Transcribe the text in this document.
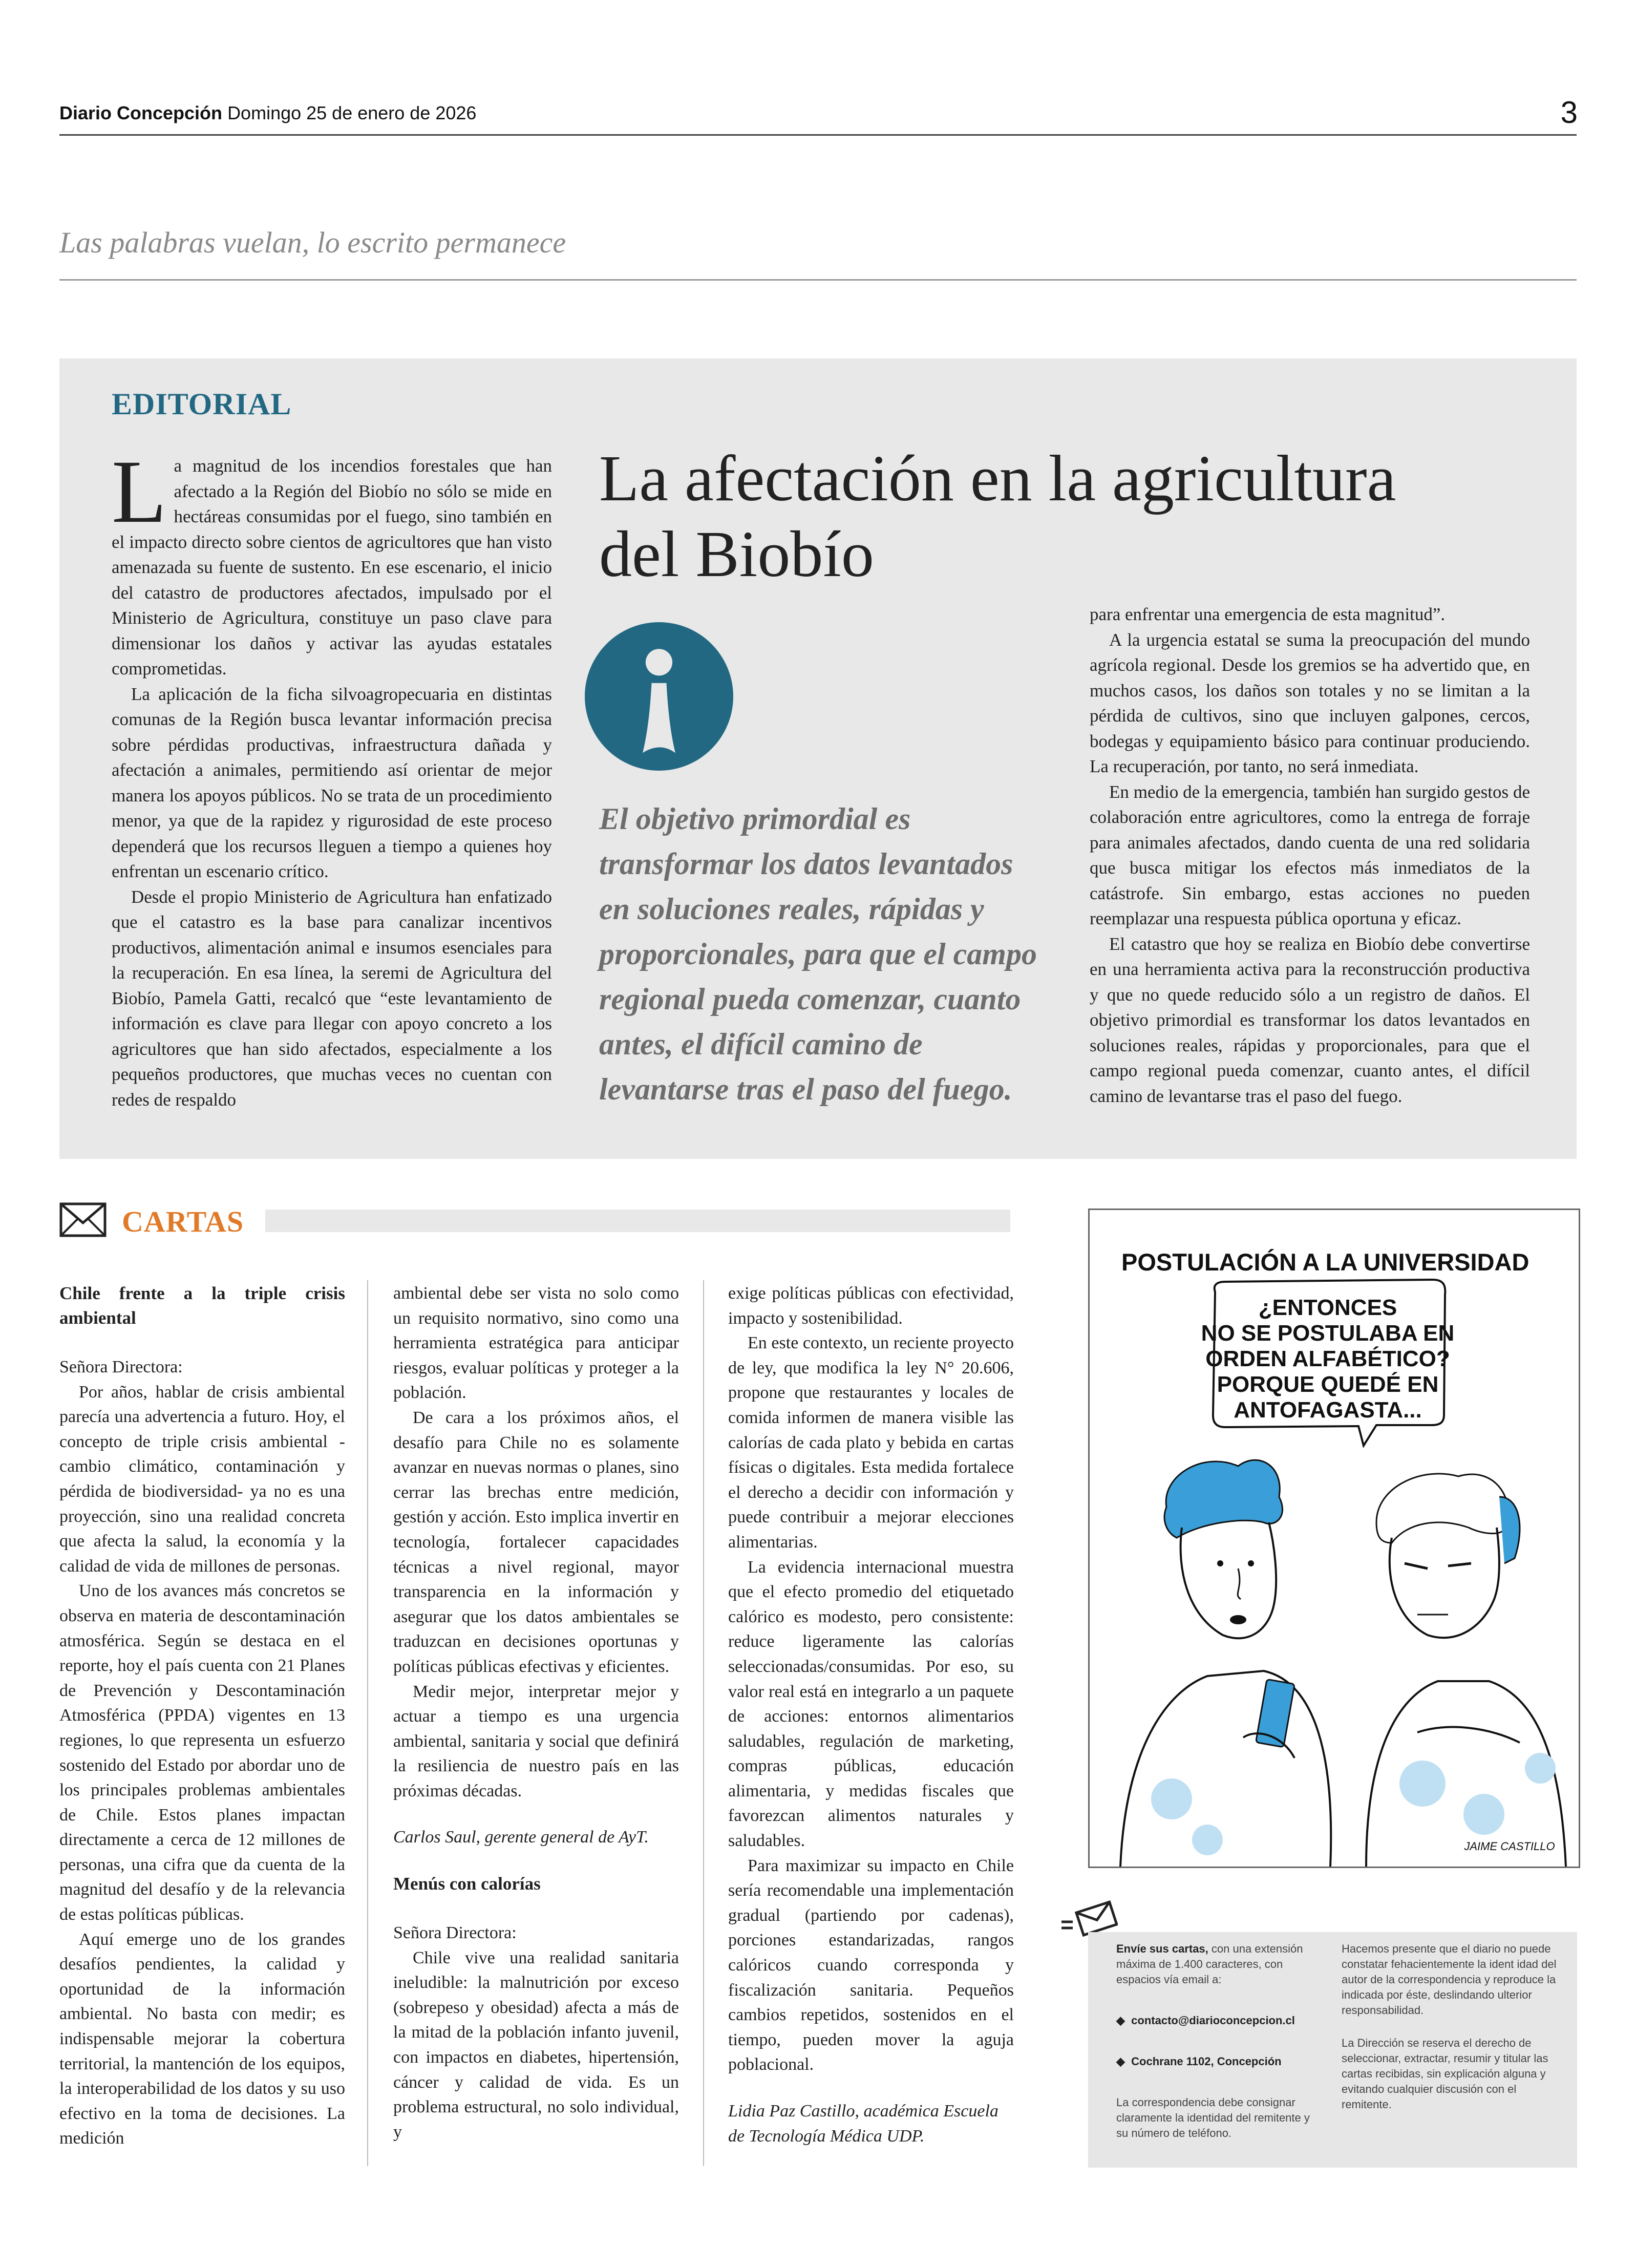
Diario Concepción Domingo 25 de enero de 2026	3
Las palabras vuelan, lo escrito permanece
EDITORIAL

La magnitud de los incendios forestales que han afectado a la Región del Biobío no sólo se mide en hectáreas consumidas por el fuego, sino también en el impacto directo sobre cientos de agricultores que han visto amenazada su fuente de sustento. En ese escenario, el inicio del catastro de productores afectados, impulsado por el Ministerio de Agricultura, constituye un paso clave para dimensionar los daños y activar las ayudas estatales comprometidas.

La aplicación de la ficha silvoagropecuaria en distintas comunas de la Región busca levantar información precisa sobre pérdidas productivas, infraestructura dañada y afectación a animales, permitiendo así orientar de mejor manera los apoyos públicos. No se trata de un procedimiento menor, ya que de la rapidez y rigurosidad de este proceso dependerá que los recursos lleguen a tiempo a quienes hoy enfrentan un escenario crítico.

Desde el propio Ministerio de Agricultura han enfatizado que el catastro es la base para canalizar incentivos productivos, alimentación animal e insumos esenciales para la recuperación. En esa línea, la seremi de Agricultura del Biobío, Pamela Gatti, recalcó que “este levantamiento de información es clave para llegar con apoyo concreto a los agricultores que han sido afectados, especialmente a los pequeños productores, que muchas veces no cuentan con redes de respaldo

La afectación en la agricultura
del Biobío
El objetivo primordial es transformar los datos levantados en soluciones reales, rápidas y proporcionales, para que el campo regional pueda comenzar, cuanto antes, el difícil camino de levantarse tras el paso del fuego.

para enfrentar una emergencia de esta magnitud”.

A la urgencia estatal se suma la preocupación del mundo agrícola regional. Desde los gremios se ha advertido que, en muchos casos, los daños son totales y no se limitan a la pérdida de cultivos, sino que incluyen galpones, cercos, bodegas y equipamiento básico para continuar produciendo. La recuperación, por tanto, no será inmediata.

En medio de la emergencia, también han surgido gestos de colaboración entre agricultores, como la entrega de forraje para animales afectados, dando cuenta de una red solidaria que busca mitigar los efectos más inmediatos de la catástrofe. Sin embargo, estas acciones no pueden reemplazar una respuesta pública oportuna y eficaz.

El catastro que hoy se realiza en Biobío debe convertirse en una herramienta activa para la reconstrucción productiva y que no quede reducido sólo a un registro de daños. El objetivo primordial es transformar los datos levantados en soluciones reales, rápidas y proporcionales, para que el campo regional pueda comenzar, cuanto antes, el difícil camino de levantarse tras el paso del fuego.

CARTAS
Chile frente a la triple crisis ambiental

Señora Directora:

Por años, hablar de crisis ambiental parecía una advertencia a futuro. Hoy, el concepto de triple crisis ambiental -cambio climático, contaminación y pérdida de biodiversidad- ya no es una proyección, sino una realidad concreta que afecta la salud, la economía y la calidad de vida de millones de personas.

Uno de los avances más concretos se observa en materia de descontaminación atmosférica. Según se destaca en el reporte, hoy el país cuenta con 21 Planes de Prevención y Descontaminación Atmosférica (PPDA) vigentes en 13 regiones, lo que representa un esfuerzo sostenido del Estado por abordar uno de los principales problemas ambientales de Chile. Estos planes impactan directamente a cerca de 12 millones de personas, una cifra que da cuenta de la magnitud del desafío y de la relevancia de estas políticas públicas.

Aquí emerge uno de los grandes desafíos pendientes, la calidad y oportunidad de la información ambiental. No basta con medir; es indispensable mejorar la cobertura territorial, la mantención de los equipos, la interoperabilidad de los datos y su uso efectivo en la toma de decisiones. La medición

ambiental debe ser vista no solo como un requisito normativo, sino como una herramienta estratégica para anticipar riesgos, evaluar políticas y proteger a la población.

De cara a los próximos años, el desafío para Chile no es solamente avanzar en nuevas normas o planes, sino cerrar las brechas entre medición, gestión y acción. Esto implica invertir en tecnología, fortalecer capacidades técnicas a nivel regional, mayor transparencia en la información y asegurar que los datos ambientales se traduzcan en decisiones oportunas y políticas públicas efectivas y eficientes.

Medir mejor, interpretar mejor y actuar a tiempo es una urgencia ambiental, sanitaria y social que definirá la resiliencia de nuestro país en las próximas décadas.

Carlos Saul, gerente general de AyT.

Menús con calorías

Señora Directora:

Chile vive una realidad sanitaria ineludible: la malnutrición por exceso (sobrepeso y obesidad) afecta a más de la mitad de la población infanto juvenil, con impactos en diabetes, hipertensión, cáncer y calidad de vida. Es un problema estructural, no solo individual, y

exige políticas públicas con efectividad, impacto y sostenibilidad.

En este contexto, un reciente proyecto de ley, que modifica la ley N° 20.606, propone que restaurantes y locales de comida informen de manera visible las calorías de cada plato y bebida en cartas físicas o digitales. Esta medida fortalece el derecho a decidir con información y puede contribuir a mejorar elecciones alimentarias.

La evidencia internacional muestra que el efecto promedio del etiquetado calórico es modesto, pero consistente: reduce ligeramente las calorías seleccionadas/consumidas. Por eso, su valor real está en integrarlo a un paquete de acciones: entornos alimentarios saludables, regulación de marketing, compras públicas, educación alimentaria, y medidas fiscales que favorezcan alimentos naturales y saludables.

Para maximizar su impacto en Chile sería recomendable una implementación gradual (partiendo por cadenas), porciones estandarizadas, rangos calóricos cuando corresponda y fiscalización sanitaria. Pequeños cambios repetidos, sostenidos en el tiempo, pueden mover la aguja poblacional.

Lidia Paz Castillo, académica Escuela
de Tecnología Médica UDP.

POSTULACIÓN A LA UNIVERSIDAD
¿ENTONCES
NO SE POSTULABA EN
ORDEN ALFABÉTICO?
PORQUE QUEDÉ EN
ANTOFAGASTA...
JAIME CASTILLO
Envíe sus cartas, con una extensión máxima de 1.400 caracteres, con espacios vía email a:
◆  contacto@diarioconcepcion.cl
◆  Cochrane 1102, Concepción
La correspondencia debe consignar claramente la identidad del remitente y su número de teléfono.
Hacemos presente que el diario no puede constatar fehacientemente la ident idad del autor de la correspondencia y reproduce la indicada por éste, deslindando ulterior responsabilidad.
La Dirección se reserva el derecho de seleccionar, extractar, resumir y titular las cartas recibidas, sin explicación alguna y evitando cualquier discusión con el remitente.
